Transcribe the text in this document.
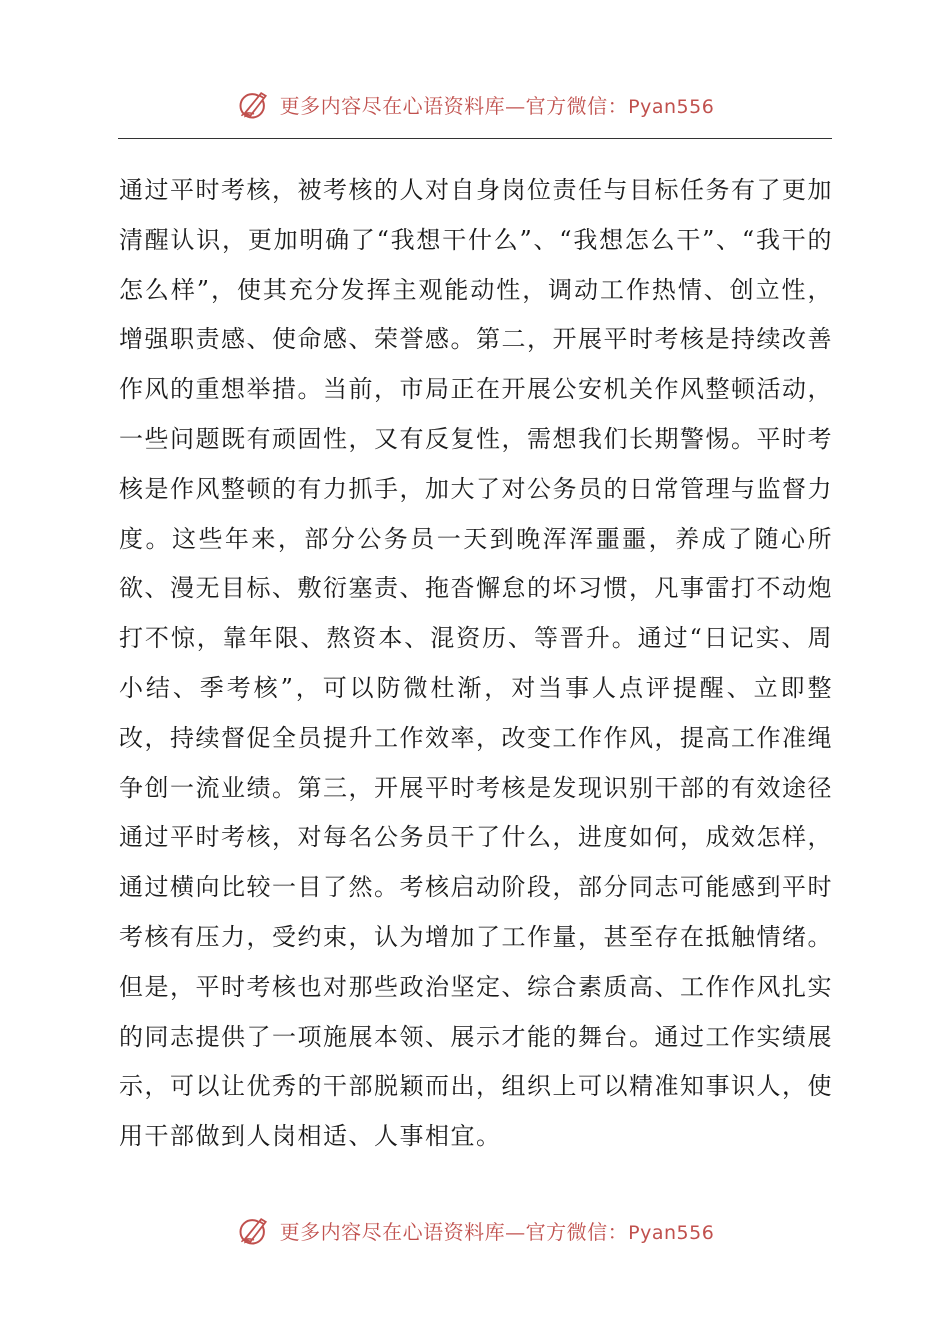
更多内容尽在心语资料库—官方微信：Pyan556

通过平时考核，被考核的人对自身岗位责任与目标任务有了更加清醒认识，更加明确了“我想干什么”、“我想怎么干”、“我干的怎么样”，使其充分发挥主观能动性，调动工作热情、创立性，增强职责感、使命感、荣誉感。第二，开展平时考核是持续改善作风的重想举措。当前，市局正在开展公安机关作风整顿活动，一些问题既有顽固性，又有反复性，需想我们长期警惕。平时考核是作风整顿的有力抓手，加大了对公务员的日常管理与监督力度。这些年来，部分公务员一天到晚浑浑噩噩，养成了随心所欲、漫无目标、敷衍塞责、拖沓懈怠的坏习惯，凡事雷打不动炮打不惊，靠年限、熬资本、混资历、等晋升。通过“日记实、周小结、季考核”，可以防微杜渐，对当事人点评提醒、立即整改，持续督促全员提升工作效率，改变工作作风，提高工作准绳争创一流业绩。第三，开展平时考核是发现识别干部的有效途径通过平时考核，对每名公务员干了什么，进度如何，成效怎样，通过横向比较一目了然。考核启动阶段，部分同志可能感到平时考核有压力，受约束，认为增加了工作量，甚至存在抵触情绪。但是，平时考核也对那些政治坚定、综合素质高、工作作风扎实的同志提供了一项施展本领、展示才能的舞台。通过工作实绩展示，可以让优秀的干部脱颖而出，组织上可以精准知事识人，使用干部做到人岗相适、人事相宜。

更多内容尽在心语资料库—官方微信：Pyan556
